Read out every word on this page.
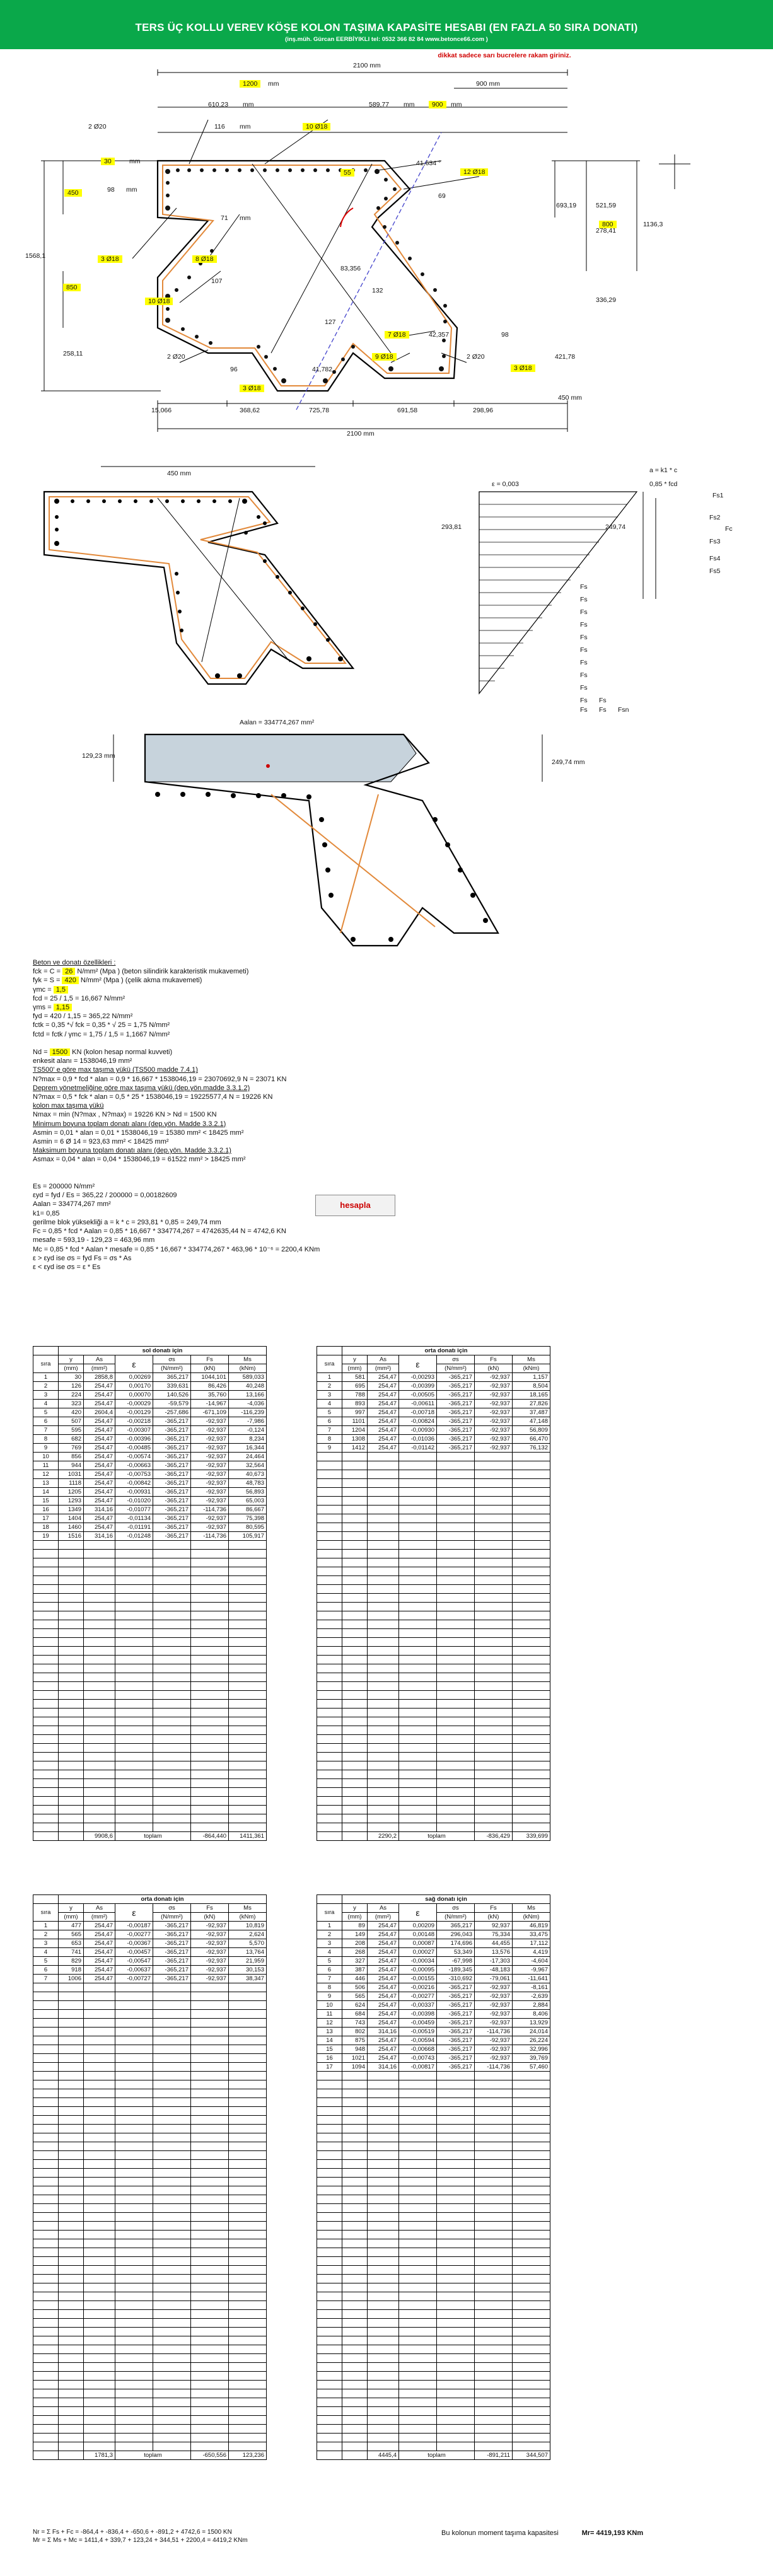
TERS ÜÇ KOLLU VEREV KÖŞE KOLON TAŞIMA KAPASİTE HESABI (EN FAZLA 50 SIRA DONATI)
(inş.müh. Gürcan EERBİYIKLI tel: 0532 366 82 84 www.betonce66.com )
dikkat sadece sarı bucrelere rakam giriniz.
2100 mm
1200	mm	900 mm
610,23 mm	589,77 mm	900	mm
2 Ø20	116 mm	10 Ø18
30	mm
98 mm
450
55
41,634 °
12 Ø18
69
693,19	521,59
800	1136,3
1568,1
71 mm
278,41
3 Ø18	8 Ø18
107
83,356
850	132
336,29
10 Ø18
127
7 Ø18	42,357	98
258,11	2 Ø20
96	41,782
9 Ø18	2 Ø20	421,78
3 Ø18
3 Ø18
450 mm
15,066	368,62	725,78	691,58	298,96
2100 mm
450 mm
ε = 0,003
a = k1 * c
0,85 * fcd
293,81	249,74
Fs1
Fs2
Fc
Fs3
Fs4
Fs5
Fs
Fs
Fs
Fs
Fs
Fs
Fs
Fs
Fs
Fs
Fs
Fs
Fs Fsn
Aalan = 334774,267 mm²
129,23 mm
249,74 mm
Beton ve donatı özellikleri :
fck = C = 26 N/mm² (Mpa ) (beton silindirik karakteristik mukavemeti)
fyk = S = 420 N/mm² (Mpa ) (çelik akma mukavemeti)
γmc = 1,5
fcd = 25 / 1,5 = 16,667 N/mm²
γms = 1,15
fyd = 420 / 1,15 = 365,22 N/mm²
fctk = 0,35 *√ fck = 0,35 * √ 25 = 1,75 N/mm²
fctd = fctk / γmc = 1,75 / 1,5 = 1,1667 N/mm²

Nd = 1500 KN (kolon hesap normal kuvveti)
enkesit alanı = 1538046,19 mm²
TS500' e göre max taşıma yükü (TS500 madde 7.4.1)
N?max = 0,9 * fcd * alan = 0,9 * 16,667 * 1538046,19 = 23070692,9 N = 23071 KN
Deprem yönetmeliğine göre max taşıma yükü (dep.yön.madde 3.3.1.2)
N?max = 0,5 * fck * alan = 0,5 * 25 * 1538046,19 = 19225577,4 N = 19226 KN
kolon max taşıma yükü
Nmax = min (N?max , N?max) = 19226 KN > Nd = 1500 KN
Minimum boyuna toplam donatı alanı (dep.yön. Madde 3.3.2.1)
Asmin = 0,01 * alan = 0,01 * 1538046,19 = 15380 mm² < 18425 mm²
Asmin = 6 Ø 14 = 923,63 mm² < 18425 mm²
Maksimum boyuna toplam donatı alanı (dep.yön. Madde 3.3.2.1)
Asmax = 0,04 * alan = 0,04 * 1538046,19 = 61522 mm² > 18425 mm²

Es = 200000 N/mm²
εyd = fyd / Es = 365,22 / 200000 = 0,00182609
Aalan = 334774,267 mm²
k1= 0,85
gerilme blok yüksekliği a = k * c = 293,81 * 0,85 = 249,74 mm
Fc = 0,85 * fcd * Aalan = 0,85 * 16,667 * 334774,267 = 4742635,44 N = 4742,6 KN
mesafe = 593,19 - 129,23 = 463,96 mm
Mc = 0,85 * fcd * Aalan * mesafe = 0,85 * 16,667 * 334774,267 * 463,96 * 10⁻⁶ = 2200,4 KNm
ε > εyd ise σs = fyd Fs = σs * As
ε < εyd ise σs = ε * Es
hesapla
	sol donatı için					
sıra	y	As	ε	σs	Fs	Ms
	(mm)	(mm²)		(N/mm²)	(kN)	(kNm)
1	30	2858,8	0,00269	365,217	1044,101	589,033
2	126	254,47	0,00170	339,631	86,426	40,248
3	224	254,47	0,00070	140,526	35,760	13,166
4	323	254,47	-0,00029	-59,579	-14,967	-4,036
5	420	2604,4	-0,00129	-257,686	-671,109	-116,239
6	507	254,47	-0,00218	-365,217	-92,937	-7,986
7	595	254,47	-0,00307	-365,217	-92,937	-0,124
8	682	254,47	-0,00396	-365,217	-92,937	8,234
9	769	254,47	-0,00485	-365,217	-92,937	16,344
10	856	254,47	-0,00574	-365,217	-92,937	24,464
11	944	254,47	-0,00663	-365,217	-92,937	32,564
12	1031	254,47	-0,00753	-365,217	-92,937	40,673
13	1118	254,47	-0,00842	-365,217	-92,937	48,783
14	1205	254,47	-0,00931	-365,217	-92,937	56,893
15	1293	254,47	-0,01020	-365,217	-92,937	65,003
16	1349	314,16	-0,01077	-365,217	-114,736	86,667
17	1404	254,47	-0,01134	-365,217	-92,937	75,398
18	1460	254,47	-0,01191	-365,217	-92,937	80,595
19	1516	314,16	-0,01248	-365,217	-114,736	105,917

		9908,6	toplam		-864,440	1411,361
	orta donatı için					
sıra	y	As	ε	σs	Fs	Ms
	(mm)	(mm²)		(N/mm²)	(kN)	(kNm)
1	581	254,47	-0,00293	-365,217	-92,937	1,157
2	695	254,47	-0,00399	-365,217	-92,937	8,504
3	788	254,47	-0,00505	-365,217	-92,937	18,165
4	893	254,47	-0,00611	-365,217	-92,937	27,826
5	997	254,47	-0,00718	-365,217	-92,937	37,487
6	1101	254,47	-0,00824	-365,217	-92,937	47,148
7	1204	254,47	-0,00930	-365,217	-92,937	56,809
8	1308	254,47	-0,01036	-365,217	-92,937	66,470
9	1412	254,47	-0,01142	-365,217	-92,937	76,132

		2290,2	toplam		-836,429	339,699
	orta donatı için					
sıra	y	As	ε	σs	Fs	Ms
	(mm)	(mm²)		(N/mm²)	(kN)	(kNm)
1	477	254,47	-0,00187	-365,217	-92,937	10,819
2	565	254,47	-0,00277	-365,217	-92,937	2,624
3	653	254,47	-0,00367	-365,217	-92,937	5,570
4	741	254,47	-0,00457	-365,217	-92,937	13,764
5	829	254,47	-0,00547	-365,217	-92,937	21,959
6	918	254,47	-0,00637	-365,217	-92,937	30,153
7	1006	254,47	-0,00727	-365,217	-92,937	38,347

		1781,3	toplam		-650,556	123,236
	sağ donatı için					
sıra	y	As	ε	σs	Fs	Ms
	(mm)	(mm²)		(N/mm²)	(kN)	(kNm)
1	89	254,47	0,00209	365,217	92,937	46,819
2	149	254,47	0,00148	296,043	75,334	33,475
3	208	254,47	0,00087	174,696	44,455	17,112
4	268	254,47	0,00027	53,349	13,576	4,419
5	327	254,47	-0,00034	-67,998	-17,303	-4,604
6	387	254,47	-0,00095	-189,345	-48,183	-9,967
7	446	254,47	-0,00155	-310,692	-79,061	-11,641
8	506	254,47	-0,00216	-365,217	-92,937	-8,161
9	565	254,47	-0,00277	-365,217	-92,937	-2,639
10	624	254,47	-0,00337	-365,217	-92,937	2,884
11	684	254,47	-0,00398	-365,217	-92,937	8,406
12	743	254,47	-0,00459	-365,217	-92,937	13,929
13	802	314,16	-0,00519	-365,217	-114,736	24,014
14	875	254,47	-0,00594	-365,217	-92,937	26,224
15	948	254,47	-0,00668	-365,217	-92,937	32,996
16	1021	254,47	-0,00743	-365,217	-92,937	39,769
17	1094	314,16	-0,00817	-365,217	-114,736	57,460

		4445,4	toplam		-891,211	344,507
Nr = Σ Fs + Fc = -864,4 + -836,4 + -650,6 + -891,2 + 4742,6 = 1500 KN
Mr = Σ Ms + Mc = 1411,4 + 339,7 + 123,24 + 344,51 + 2200,4 = 4419,2 KNm
Bu kolonun moment taşıma kapasitesi	Mr= 4419,193 KNm
